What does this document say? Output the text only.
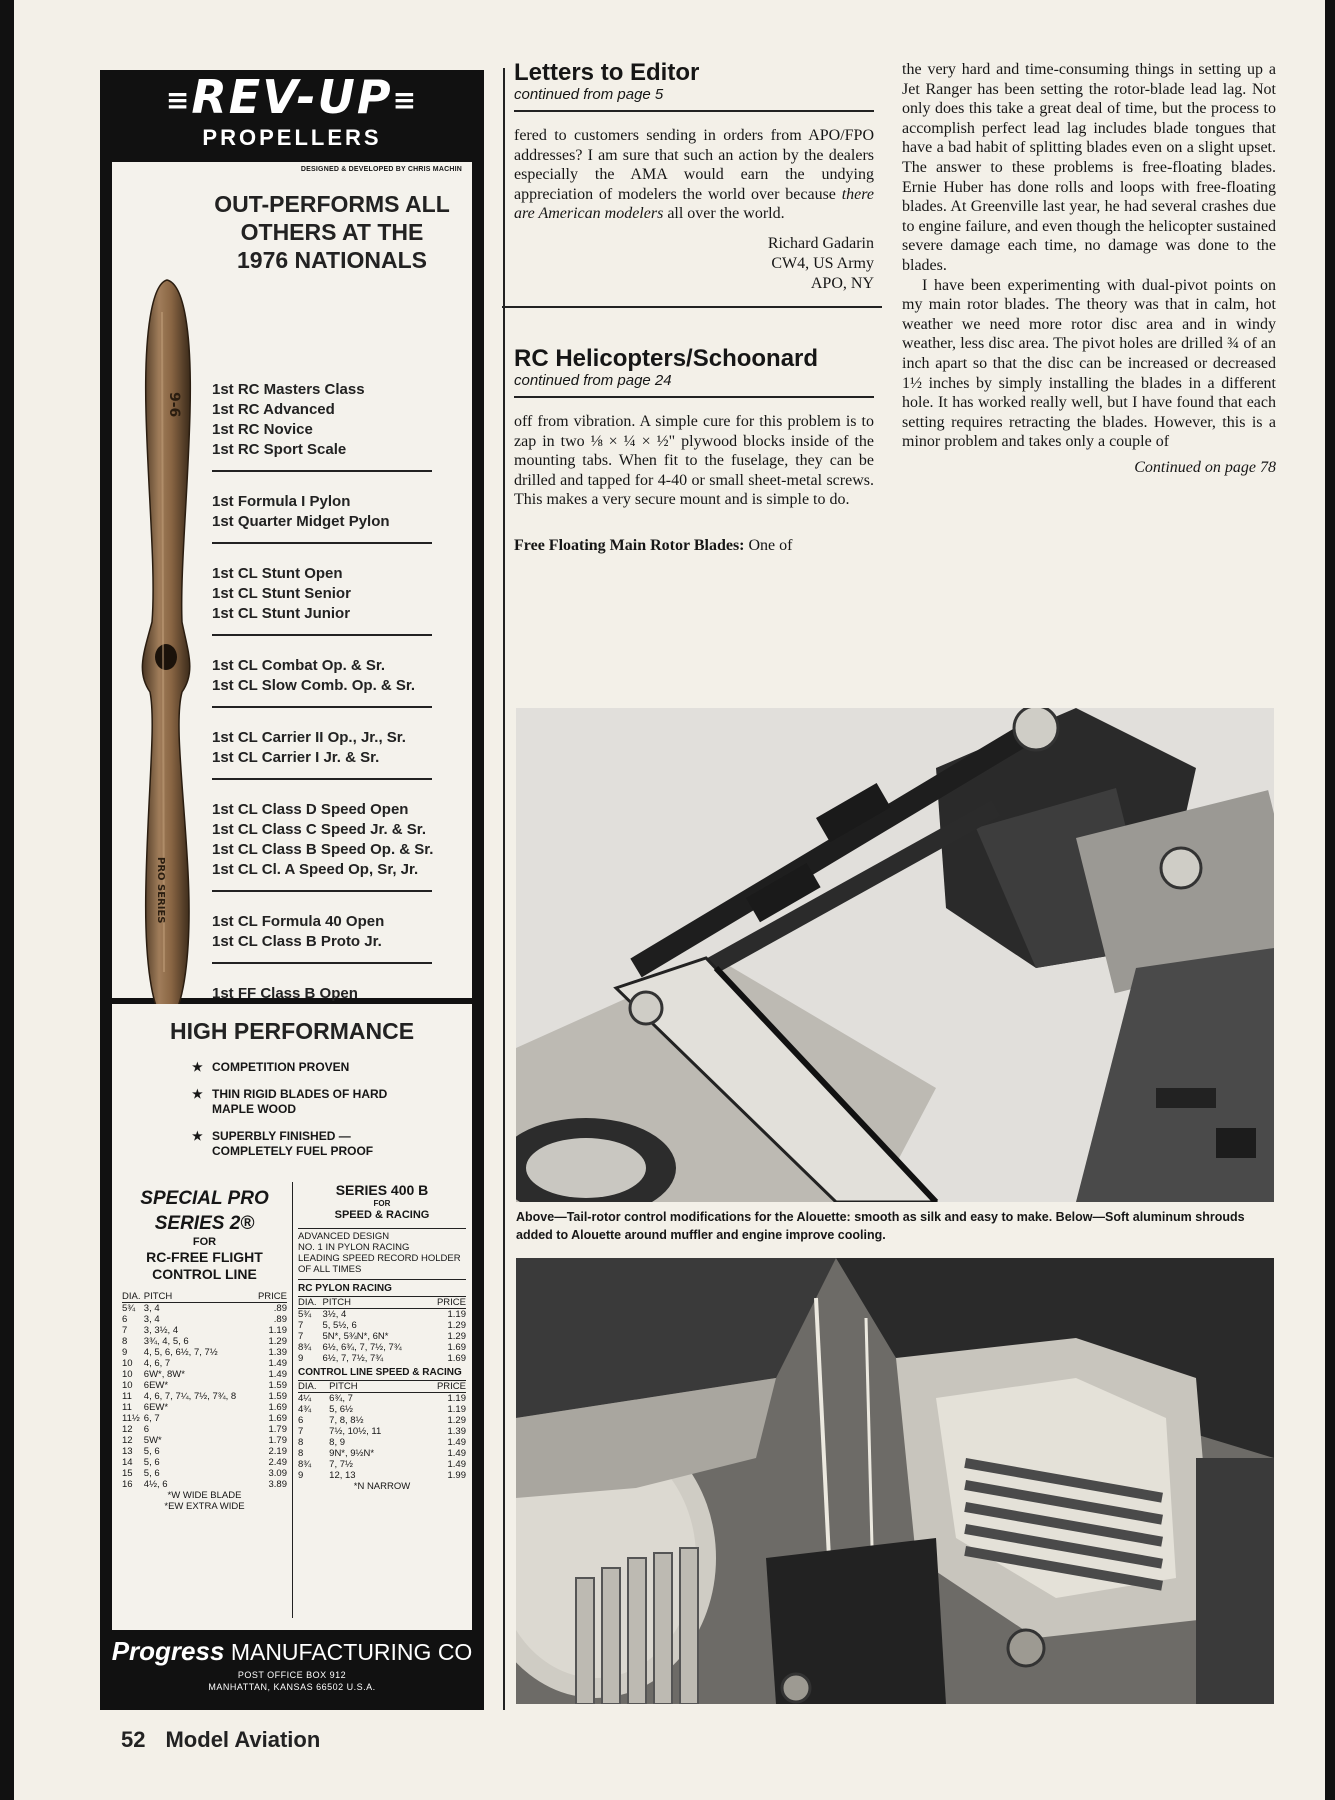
≡REV-UP≡
PROPELLERS
DESIGNED & DEVELOPED BY CHRIS MACHIN
OUT-PERFORMS ALL
OTHERS AT THE
1976 NATIONALS
9-6
PRO SERIES
1st RC Masters Class
1st RC Advanced
1st RC Novice
1st RC Sport Scale
1st Formula I Pylon
1st Quarter Midget Pylon
1st CL Stunt Open
1st CL Stunt Senior
1st CL Stunt Junior
1st CL Combat Op. & Sr.
1st CL Slow Comb. Op. & Sr.
1st CL Carrier II Op., Jr., Sr.
1st CL Carrier I Jr. & Sr.
1st CL Class D Speed Open
1st CL Class C Speed Jr. & Sr.
1st CL Class B Speed Op. & Sr.
1st CL Cl. A Speed Op, Sr, Jr.
1st CL Formula 40 Open
1st CL Class B Proto Jr.
1st FF Class B Open
HIGH PERFORMANCE
★ COMPETITION PROVEN
★ THIN RIGID BLADES OF HARD MAPLE WOOD
★ SUPERBLY FINISHED — COMPLETELY FUEL PROOF
SPECIAL PRO
SERIES 2®
FOR
RC-FREE FLIGHT CONTROL LINE
DIA.	PITCH	PRICE
5¾	3, 4	.89
6	3, 4	.89
7	3, 3½, 4	1.19
8	3¾, 4, 5, 6	1.29
9	4, 5, 6, 6½, 7, 7½	1.39
10	4, 6, 7	1.49
10	6W*, 8W*	1.49
10	6EW*	1.59
11	4, 6, 7, 7¼, 7½, 7¾, 8	1.59
11	6EW*	1.69
11½	6, 7	1.69
12	6	1.79
12	5W*	1.79
13	5, 6	2.19
14	5, 6	2.49
15	5, 6	3.09
16	4½, 6	3.89
*W WIDE BLADE
*EW EXTRA WIDE
SERIES 400 B
FOR
SPEED & RACING
ADVANCED DESIGN
NO. 1 IN PYLON RACING
LEADING SPEED RECORD HOLDER OF ALL TIMES
RC PYLON RACING
DIA.	PITCH	PRICE
5¾	3½, 4	1.19
7	5, 5½, 6	1.29
7	5N*, 5¾N*, 6N*	1.29
8¾	6½, 6¾, 7, 7½, 7¾	1.69
9	6½, 7, 7½, 7¾	1.69
CONTROL LINE SPEED & RACING
DIA.	PITCH	PRICE
4¼	6¾, 7	1.19
4¾	5, 6½	1.19
6	7, 8, 8½	1.29
7	7½, 10½, 11	1.39
8	8, 9	1.49
8	9N*, 9½N*	1.49
8¾	7, 7½	1.49
9	12, 13	1.99
*N NARROW
Progress MANUFACTURING CO
POST OFFICE BOX 912
MANHATTAN, KANSAS 66502 U.S.A.
Letters to Editor
continued from page 5

fered to customers sending in orders from APO/FPO addresses? I am sure that such an action by the dealers especially the AMA would earn the undying appreciation of modelers the world over because there are American modelers all over the world.

Richard Gadarin
CW4, US Army
APO, NY
RC Helicopters/Schoonard
continued from page 24

off from vibration. A simple cure for this problem is to zap in two ⅛ × ¼ × ½" plywood blocks inside of the mounting tabs. When fit to the fuselage, they can be drilled and tapped for 4-40 or small sheet-metal screws. This makes a very secure mount and is simple to do.

Free Floating Main Rotor Blades: One of

the very hard and time-consuming things in setting up a Jet Ranger has been setting the rotor-blade lead lag. Not only does this take a great deal of time, but the process to accomplish perfect lead lag includes blade tongues that have a bad habit of splitting blades even on a slight upset. The answer to these problems is free-floating blades. Ernie Huber has done rolls and loops with free-floating blades. At Greenville last year, he had several crashes due to engine failure, and even though the helicopter sustained severe damage each time, no damage was done to the blades.

I have been experimenting with dual-pivot points on my main rotor blades. The theory was that in calm, hot weather we need more rotor disc area and in windy weather, less disc area. The pivot holes are drilled ¾ of an inch apart so that the disc can be increased or decreased 1½ inches by simply installing the blades in a different hole. It has worked really well, but I have found that each setting requires retracting the blades. However, this is a minor problem and takes only a couple of

Continued on page 78
Above—Tail-rotor control modifications for the Alouette: smooth as silk and easy to make. Below—Soft aluminum shrouds added to Alouette around muffler and engine improve cooling.
52 Model Aviation
